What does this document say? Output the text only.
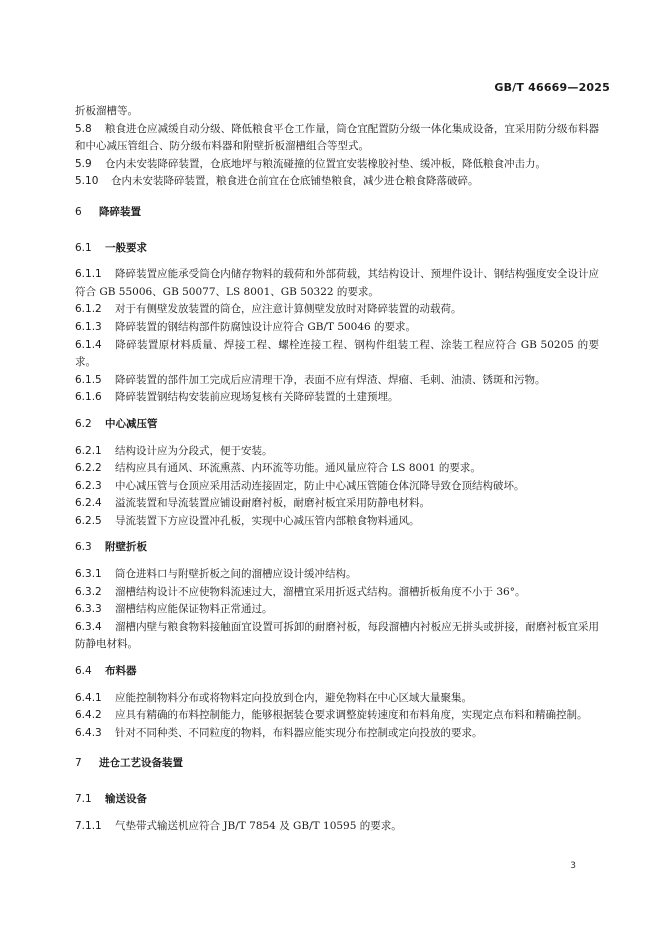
GB/T 46669—2025

折板溜槽等。

5.8 粮食进仓应减缓自动分级、降低粮食平仓工作量，筒仓宜配置防分级一体化集成设备，宜采用防分级布料器和中心减压管组合、防分级布料器和附壁折板溜槽组合等型式。

5.9 仓内未安装降碎装置，仓底地坪与粮流碰撞的位置宜安装橡胶衬垫、缓冲板，降低粮食冲击力。

5.10 仓内未安装降碎装置，粮食进仓前宜在仓底铺垫粮食，减少进仓粮食降落破碎。

6 降碎装置

6.1 一般要求

6.1.1 降碎装置应能承受筒仓内储存物料的载荷和外部荷载，其结构设计、预埋件设计、钢结构强度安全设计应符合 GB 55006、GB 50077、LS 8001、GB 50322 的要求。

6.1.2 对于有侧壁发放装置的筒仓，应注意计算侧壁发放时对降碎装置的动载荷。

6.1.3 降碎装置的钢结构部件防腐蚀设计应符合 GB/T 50046 的要求。

6.1.4 降碎装置原材料质量、焊接工程、螺栓连接工程、钢构件组装工程、涂装工程应符合 GB 50205 的要求。

6.1.5 降碎装置的部件加工完成后应清理干净，表面不应有焊渣、焊瘤、毛刺、油渍、锈斑和污物。

6.1.6 降碎装置钢结构安装前应现场复核有关降碎装置的土建预埋。

6.2 中心减压管

6.2.1 结构设计应为分段式，便于安装。

6.2.2 结构应具有通风、环流熏蒸、内环流等功能。通风量应符合 LS 8001 的要求。

6.2.3 中心减压管与仓顶应采用活动连接固定，防止中心减压管随仓体沉降导致仓顶结构破坏。

6.2.4 溢流装置和导流装置应铺设耐磨衬板，耐磨衬板宜采用防静电材料。

6.2.5 导流装置下方应设置冲孔板，实现中心减压管内部粮食物料通风。

6.3 附壁折板

6.3.1 筒仓进料口与附壁折板之间的溜槽应设计缓冲结构。

6.3.2 溜槽结构设计不应使物料流速过大，溜槽宜采用折返式结构。溜槽折板角度不小于 36°。

6.3.3 溜槽结构应能保证物料正常通过。

6.3.4 溜槽内壁与粮食物料接触面宜设置可拆卸的耐磨衬板，每段溜槽内衬板应无拼头或拼接，耐磨衬板宜采用防静电材料。

6.4 布料器

6.4.1 应能控制物料分布或将物料定向投放到仓内，避免物料在中心区域大量聚集。

6.4.2 应具有精确的布料控制能力，能够根据装仓要求调整旋转速度和布料角度，实现定点布料和精确控制。

6.4.3 针对不同种类、不同粒度的物料，布料器应能实现分布控制或定向投放的要求。

7 进仓工艺设备装置

7.1 输送设备

7.1.1 气垫带式输送机应符合 JB/T 7854 及 GB/T 10595 的要求。

3
